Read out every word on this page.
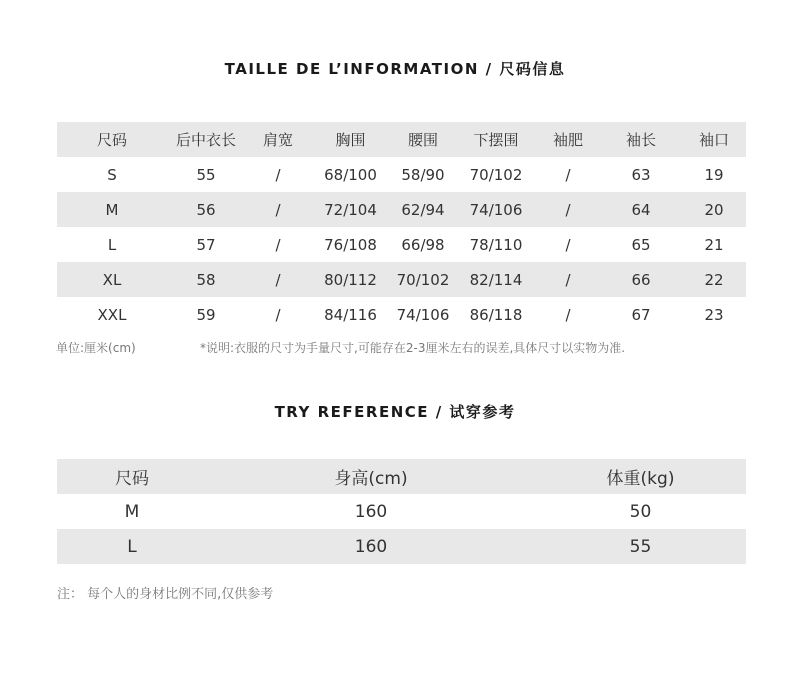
TAILLE DE L’INFORMATION / 尺码信息
尺码	后中衣长	肩宽	胸围	腰围	下摆围	袖肥	袖长	袖口
S	55	/	68/100	58/90	70/102	/	63	19
M	56	/	72/104	62/94	74/106	/	64	20
L	57	/	76/108	66/98	78/110	/	65	21
XL	58	/	80/112	70/102	82/114	/	66	22
XXL	59	/	84/116	74/106	86/118	/	67	23
单位:厘米(cm)	*说明:衣服的尺寸为手量尺寸,可能存在2-3厘米左右的误差,具体尺寸以实物为准.
TRY REFERENCE / 试穿参考
尺码	身高(cm)	体重(kg)
M	160	50
L	160	55
注： 每个人的身材比例不同,仅供参考
